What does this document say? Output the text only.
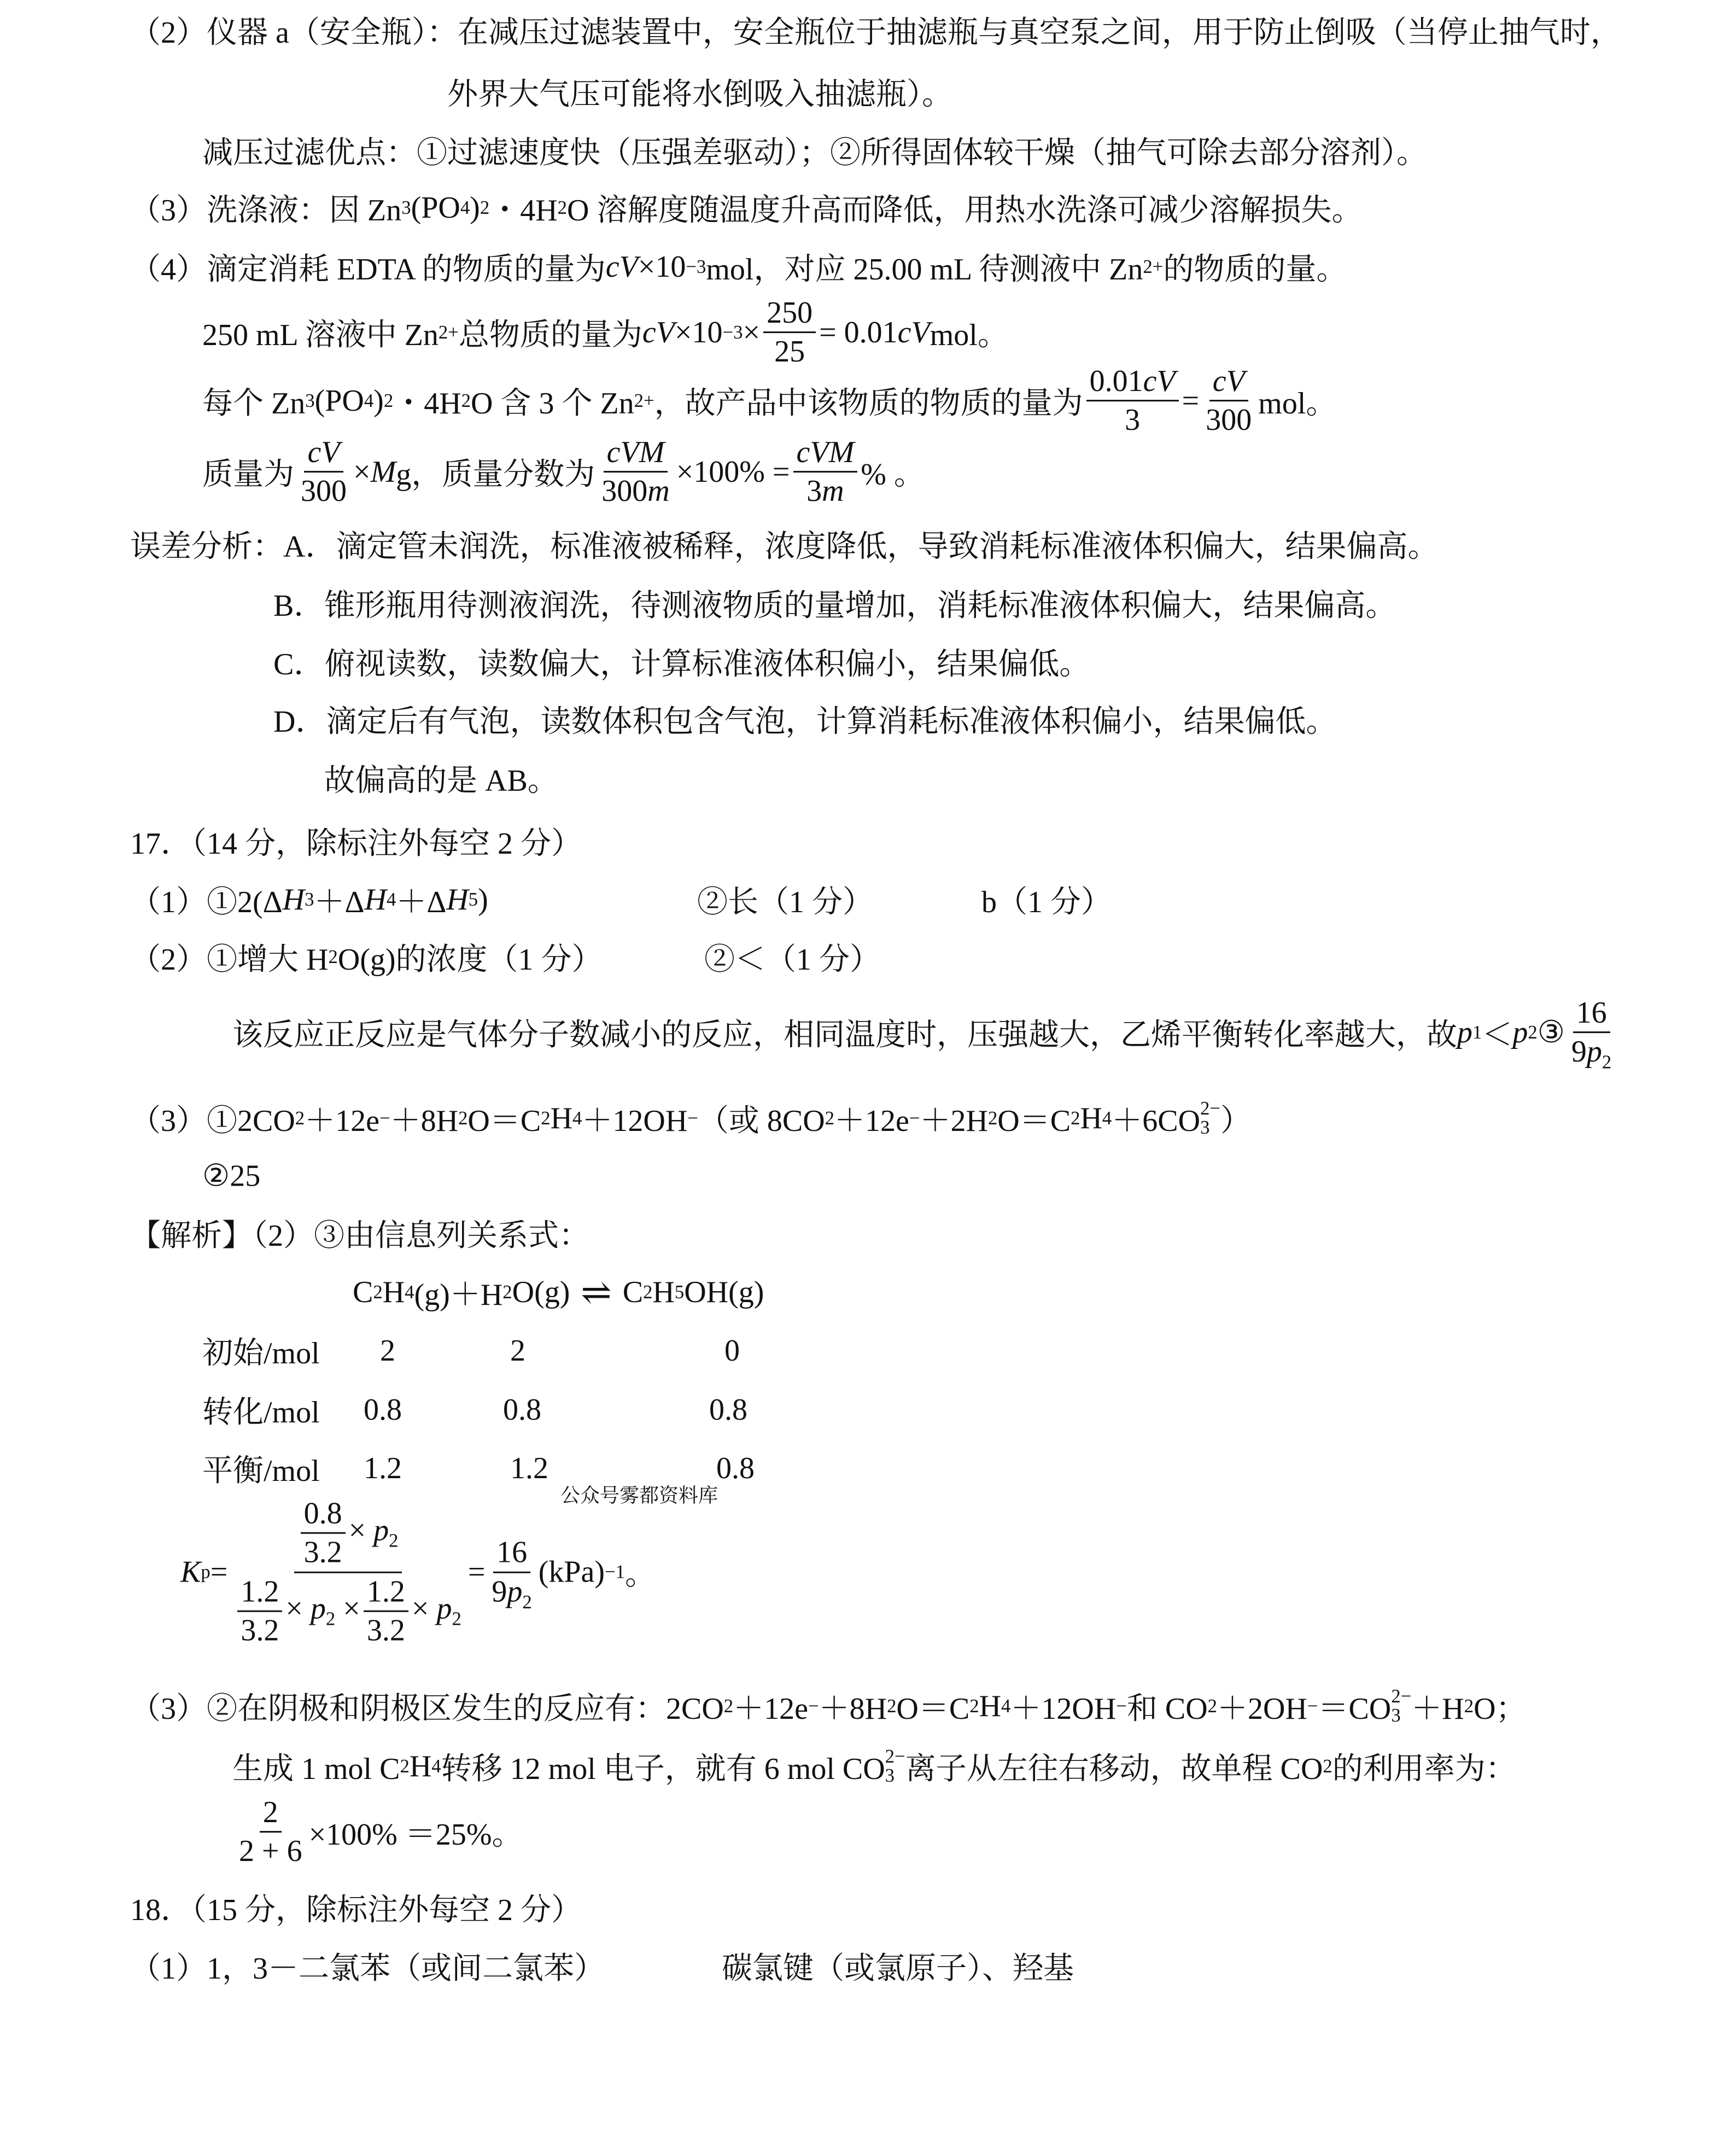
（2）仪器 a（安全瓶）：在减压过滤装置中，安全瓶位于抽滤瓶与真空泵之间，用于防止倒吸（当停止抽气时，
外界大气压可能将水倒吸入抽滤瓶）。
减压过滤优点：①过滤速度快（压强差驱动）；②所得固体较干燥（抽气可除去部分溶剂）。
（3）洗涤液：因 Zn 3 (PO 4 ) 2 ・4H 2 O 溶解度随温度升高而降低，用热水洗涤可减少溶解损失。
（4）滴定消耗 EDTA 的物质的量为 cV ×10 −3 mol，对应 25.00 mL 待测液中 Zn 2+ 的物质的量。
250 mL 溶液中 Zn 2+ 总物质的量为 cV $\times 10 -3 \times \frac{250}{25} = 0.01$ cV mol。
每个 Zn 3 (PO 4 ) 2 ・4H 2 O 含 3 个 Zn 2+ ，故产品中该物质的物质的量为 $\frac{0.01cV}{3} = \frac{cV}{300}$ mol。
质量为 $\frac{cV}{300} \times M$ g，质量分数为 $\frac{\text{cVM}}{300m} \times 100\% = \frac{\text{cVM}}{3m}$ % 。
误差分析：A．滴定管未润洗，标准液被稀释，浓度降低，导致消耗标准液体积偏大，结果偏高。
B．锥形瓶用待测液润洗，待测液物质的量增加，消耗标准液体积偏大，结果偏高。
C．俯视读数，读数偏大，计算标准液体积偏小，结果偏低。
D．滴定后有气泡，读数体积包含气泡，计算消耗标准液体积偏小，结果偏低。
故偏高的是 AB。
17．（14 分，除标注外每空 2 分）
（1）①2(Δ H 3 ＋Δ H 4 ＋Δ H 5 )	②长（1 分）	b（1 分）
（2）①增大 H 2 O(g)的浓度（1 分）	②＜（1 分）
该反应正反应是气体分子数减小的反应，相同温度时，压强越大，乙烯平衡转化率越大，故 p 1 ＜ p 2 ③ $\frac{16}{9p_2}$
（3）①2CO 2 ＋12e − ＋8H 2 O＝C 2 H 4 ＋12OH − （或 8CO 2 ＋12e − ＋2H 2 O＝C 2 H 4 ＋6CO 2−
3 ）
②25
【解析】（2）③由信息列关系式：
C 2 H 4 (g)＋H 2 O(g) ⇌ C 2 H 5 OH(g)
初始/mol 2	2	0
转化/mol 0.8	0.8	0.8
平衡/mol 1.2	1.2	0.8
公众号雾都资料库
K $p = \frac{\frac{0.8}{3.2} \times p_2}{\frac{1.2}{3.2} \times p_2 \times \frac{1.2}{3.2} \times p_2} = \frac{16}{9p_2} (kPa) -1$ 。
（3）②在阴极和阴极区发生的反应有：2CO 2 ＋12e − ＋8H 2 O＝C 2 H 4 ＋12OH − 和 CO 2 ＋2OH − ＝CO 2−
3 ＋H 2 O；
生成 1 mol C 2 H 4 转移 12 mol 电子，就有 6 mol CO 2−
3 离子从左往右移动，故单程 CO 2 的利用率为：
$\frac{2}{2 + 6} \times 100\% =25\%$。
18．（15 分，除标注外每空 2 分）
（1）1，3－二氯苯（或间二氯苯）	碳氯键（或氯原子）、羟基
